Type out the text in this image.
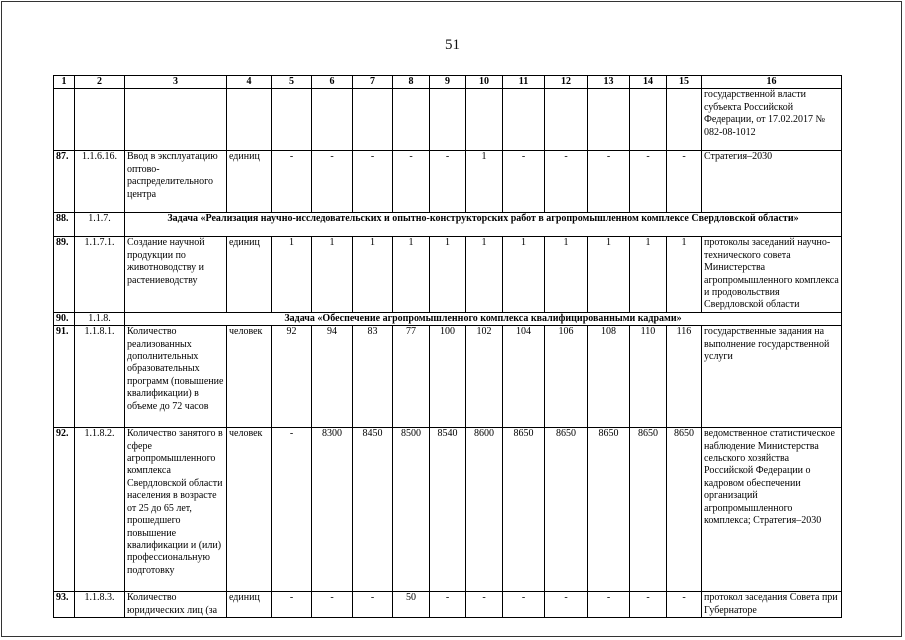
51
1	2	3	4	5	6	7	8	9	10	11	12	13	14	15	16
															государственной власти субъекта Российской Федерации, от 17.02.2017 № 082-08-1012
87.	1.1.6.16.	Ввод в эксплуатацию оптово-распределительного центра	единиц	-	-	-	-	-	1	-	-	-	-	-	Стратегия–2030
88.	1.1.7.	Задача «Реализация научно-исследовательских и опытно-конструкторских работ в агропромышленном комплексе Свердловской области»													
89.	1.1.7.1.	Создание научной продукции по животноводству и растениеводству	единиц	1	1	1	1	1	1	1	1	1	1	1	протоколы заседаний научно-технического совета Министерства агропромышленного комплекса и продовольствия Свердловской области
90.	1.1.8.	Задача «Обеспечение агропромышленного комплекса квалифицированными кадрами»													
91.	1.1.8.1.	Количество реализованных дополнительных образовательных программ (повышение квалификации) в объеме до 72 часов	человек	92	94	83	77	100	102	104	106	108	110	116	государственные задания на выполнение государственной услуги
92.	1.1.8.2.	Количество занятого в сфере агропромышленного комплекса Свердловской области населения в возрасте от 25 до 65 лет, прошедшего повышение квалификации и (или) профессиональную подготовку	человек	-	8300	8450	8500	8540	8600	8650	8650	8650	8650	8650	ведомственное статистическое наблюдение Министерства сельского хозяйства Российской Федерации о кадровом обеспечении организаций агропромышленного комплекса; Стратегия–2030
93.	1.1.8.3.	Количество юридических лиц (за	единиц	-	-	-	50	-	-	-	-	-	-	-	протокол заседания Совета при Губернаторе
